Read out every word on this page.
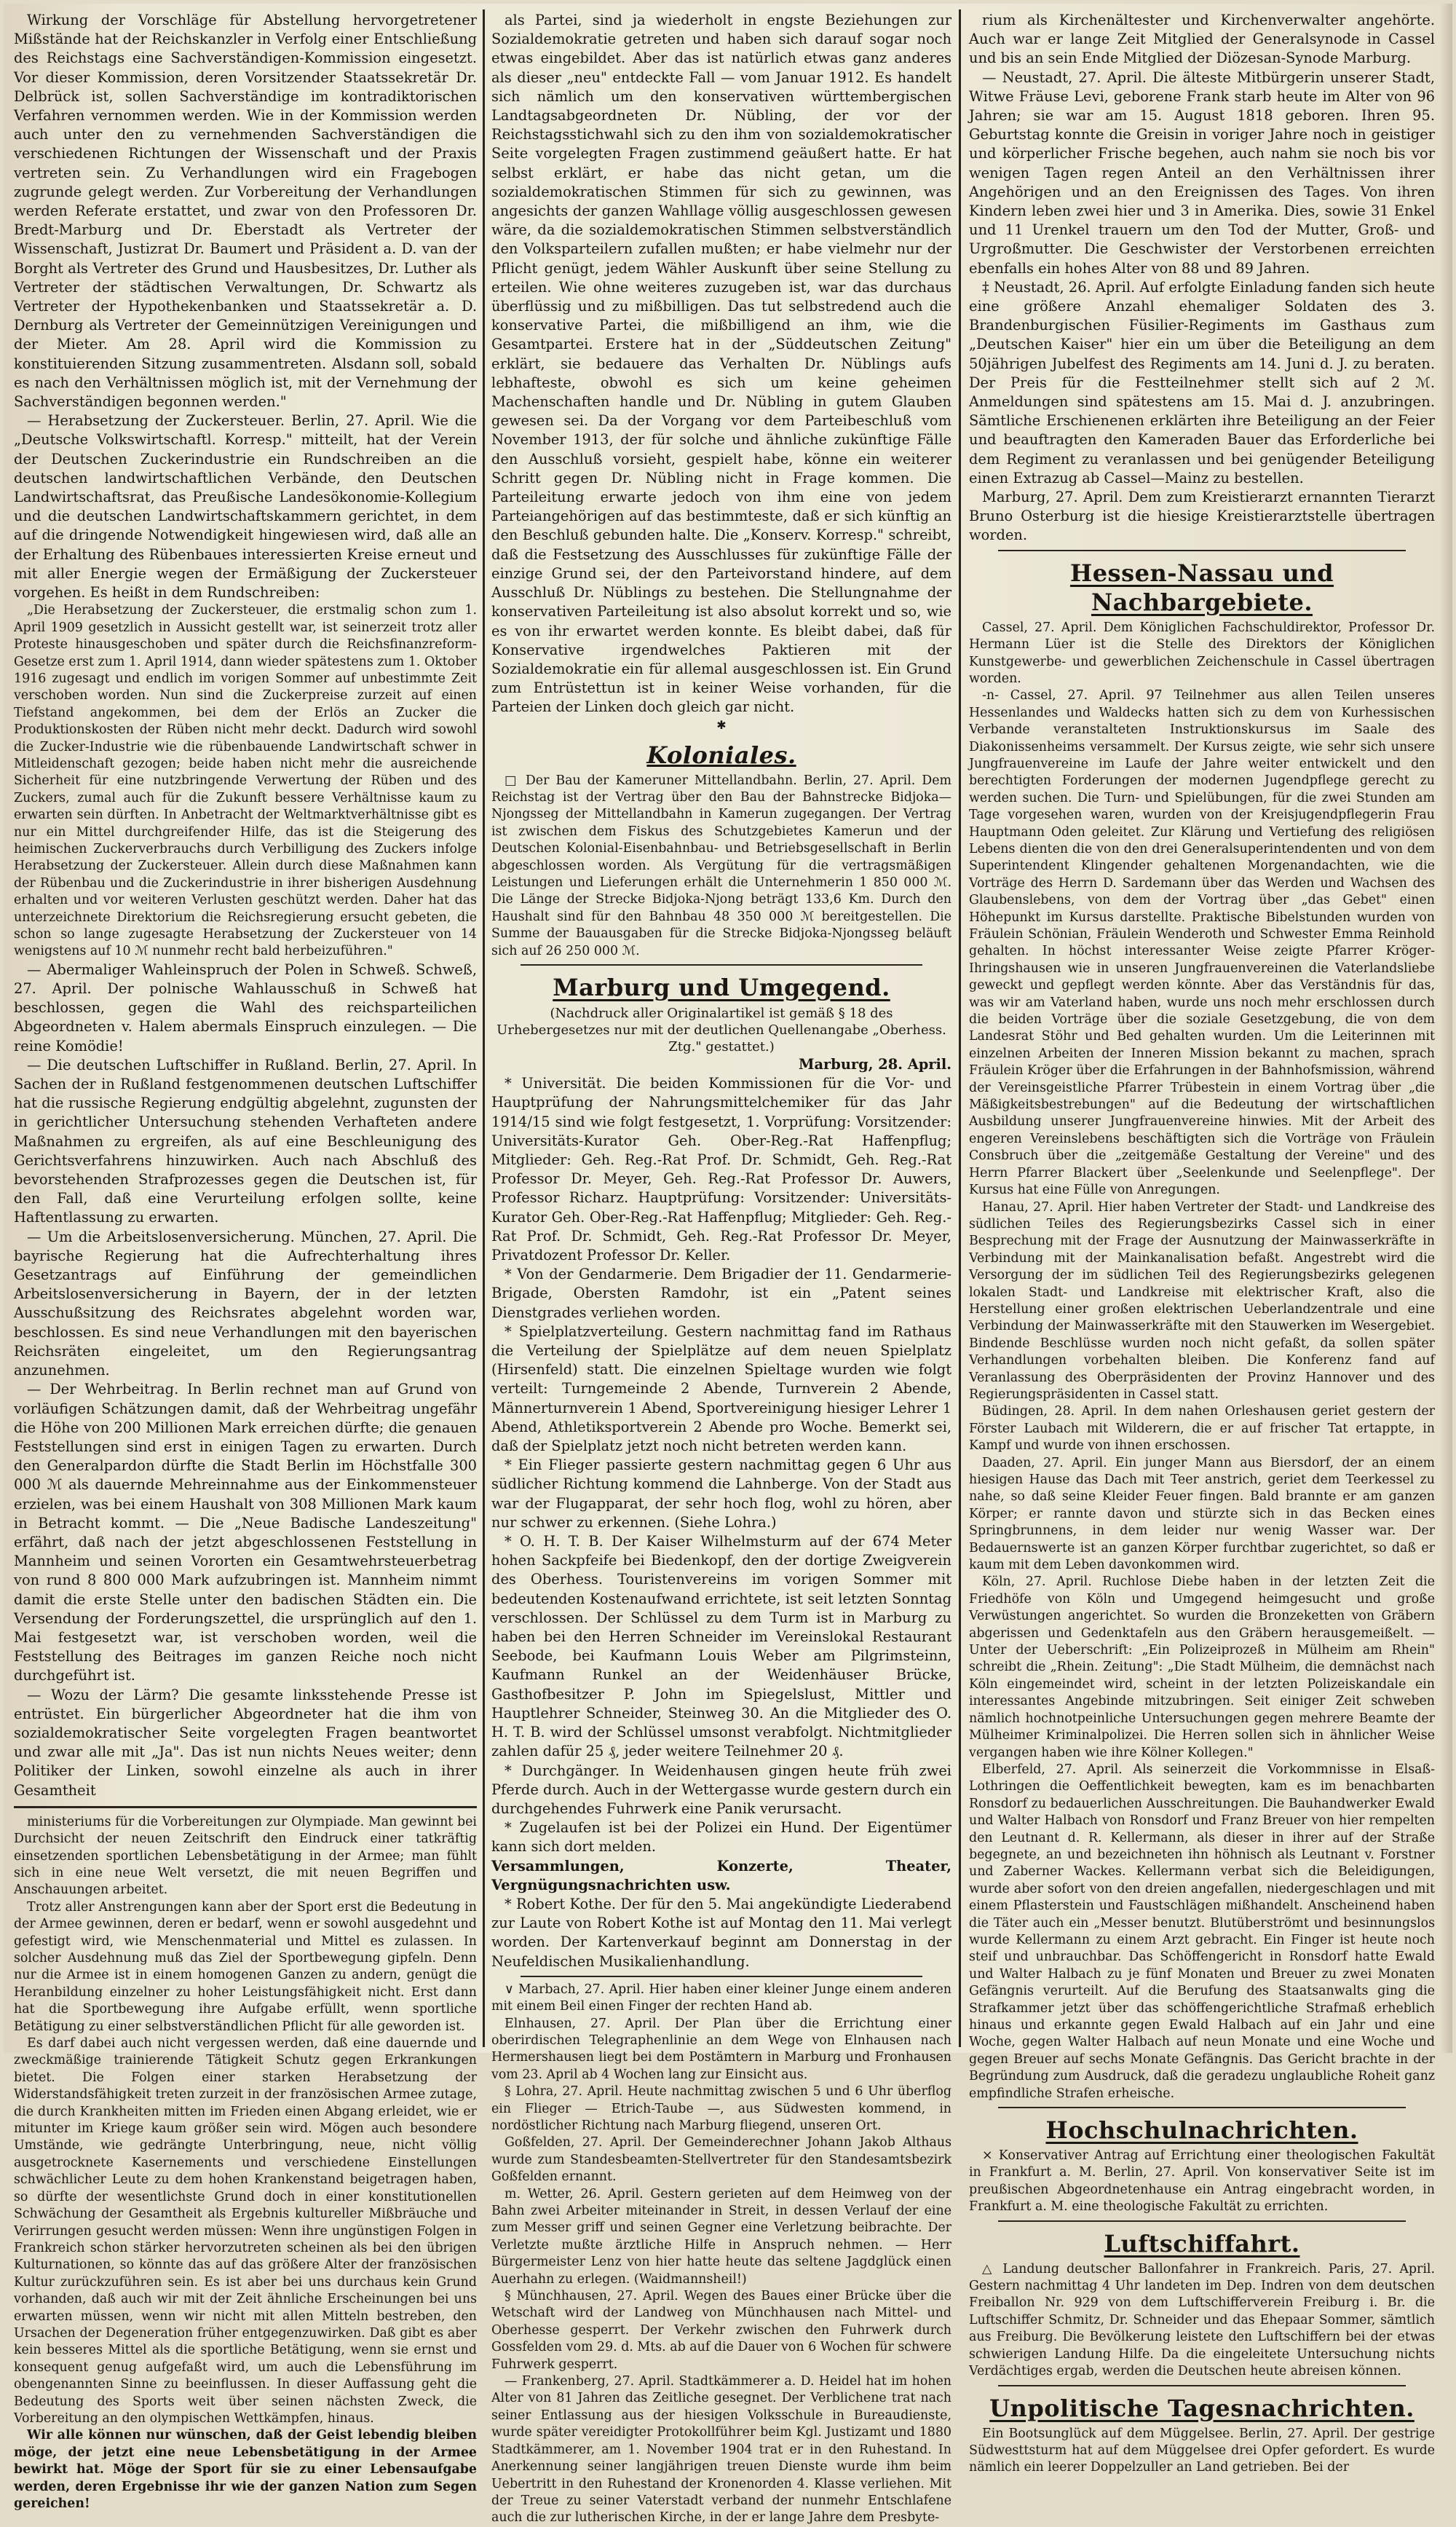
Wirkung der Vorschläge für Abstellung hervorgetretener Mißstände hat der Reichskanzler in Verfolg einer Entschließung des Reichstags eine Sachverständigen-Kommission eingesetzt. Vor dieser Kommission, deren Vorsitzender Staatssekretär Dr. Delbrück ist, sollen Sachverständige im kontradiktorischen Verfahren vernommen werden. Wie in der Kommission werden auch unter den zu vernehmenden Sachverständigen die verschiedenen Richtungen der Wissenschaft und der Praxis vertreten sein. Zu Verhandlungen wird ein Fragebogen zugrunde gelegt werden. Zur Vorbereitung der Verhandlungen werden Referate erstattet, und zwar von den Professoren Dr. Bredt-Marburg und Dr. Eberstadt als Vertreter der Wissenschaft, Justizrat Dr. Baumert und Präsident a. D. van der Borght als Vertreter des Grund und Hausbesitzes, Dr. Luther als Vertreter der städtischen Verwaltungen, Dr. Schwartz als Vertreter der Hypothekenbanken und Staatssekretär a. D. Dernburg als Vertreter der Gemeinnützigen Vereinigungen und der Mieter. Am 28. April wird die Kommission zu konstituierenden Sitzung zusammentreten. Alsdann soll, sobald es nach den Verhältnissen möglich ist, mit der Vernehmung der Sachverständigen begonnen werden."

— Herabsetzung der Zuckersteuer. Berlin, 27. April. Wie die „Deutsche Volkswirtschaftl. Korresp." mitteilt, hat der Verein der Deutschen Zuckerindustrie ein Rundschreiben an die deutschen landwirtschaftlichen Verbände, den Deutschen Landwirtschaftsrat, das Preußische Landesökonomie-Kollegium und die deutschen Landwirtschaftskammern gerichtet, in dem auf die dringende Notwendigkeit hingewiesen wird, daß alle an der Erhaltung des Rübenbaues interessierten Kreise erneut und mit aller Energie wegen der Ermäßigung der Zuckersteuer vorgehen. Es heißt in dem Rundschreiben:

„Die Herabsetzung der Zuckersteuer, die erstmalig schon zum 1. April 1909 gesetzlich in Aussicht gestellt war, ist seinerzeit trotz aller Proteste hinausgeschoben und später durch die Reichsfinanzreform-Gesetze erst zum 1. April 1914, dann wieder spätestens zum 1. Oktober 1916 zugesagt und endlich im vorigen Sommer auf unbestimmte Zeit verschoben worden. Nun sind die Zuckerpreise zurzeit auf einen Tiefstand angekommen, bei dem der Erlös an Zucker die Produktionskosten der Rüben nicht mehr deckt. Dadurch wird sowohl die Zucker-Industrie wie die rübenbauende Landwirtschaft schwer in Mitleidenschaft gezogen; beide haben nicht mehr die ausreichende Sicherheit für eine nutzbringende Verwertung der Rüben und des Zuckers, zumal auch für die Zukunft bessere Verhältnisse kaum zu erwarten sein dürften. In Anbetracht der Weltmarktverhältnisse gibt es nur ein Mittel durchgreifender Hilfe, das ist die Steigerung des heimischen Zuckerverbrauchs durch Verbilligung des Zuckers infolge Herabsetzung der Zuckersteuer. Allein durch diese Maßnahmen kann der Rübenbau und die Zuckerindustrie in ihrer bisherigen Ausdehnung erhalten und vor weiteren Verlusten geschützt werden. Daher hat das unterzeichnete Direktorium die Reichsregierung ersucht gebeten, die schon so lange zugesagte Herabsetzung der Zuckersteuer von 14 wenigstens auf 10 ℳ nunmehr recht bald herbeizuführen."

— Abermaliger Wahleinspruch der Polen in Schweß. Schweß, 27. April. Der polnische Wahlausschuß in Schweß hat beschlossen, gegen die Wahl des reichsparteilichen Abgeordneten v. Halem abermals Einspruch einzulegen. — Die reine Komödie!

— Die deutschen Luftschiffer in Rußland. Berlin, 27. April. In Sachen der in Rußland festgenommenen deutschen Luftschiffer hat die russische Regierung endgültig abgelehnt, zugunsten der in gerichtlicher Untersuchung stehenden Verhafteten andere Maßnahmen zu ergreifen, als auf eine Beschleunigung des Gerichtsverfahrens hinzuwirken. Auch nach Abschluß des bevorstehenden Strafprozesses gegen die Deutschen ist, für den Fall, daß eine Verurteilung erfolgen sollte, keine Haftentlassung zu erwarten.

— Um die Arbeitslosenversicherung. München, 27. April. Die bayrische Regierung hat die Aufrechterhaltung ihres Gesetzantrags auf Einführung der gemeindlichen Arbeitslosenversicherung in Bayern, der in der letzten Ausschußsitzung des Reichsrates abgelehnt worden war, beschlossen. Es sind neue Verhandlungen mit den bayerischen Reichsräten eingeleitet, um den Regierungsantrag anzunehmen.

— Der Wehrbeitrag. In Berlin rechnet man auf Grund von vorläufigen Schätzungen damit, daß der Wehrbeitrag ungefähr die Höhe von 200 Millionen Mark erreichen dürfte; die genauen Feststellungen sind erst in einigen Tagen zu erwarten. Durch den Generalpardon dürfte die Stadt Berlin im Höchstfalle 300 000 ℳ als dauernde Mehreinnahme aus der Einkommensteuer erzielen, was bei einem Haushalt von 308 Millionen Mark kaum in Betracht kommt. — Die „Neue Badische Landeszeitung" erfährt, daß nach der jetzt abgeschlossenen Feststellung in Mannheim und seinen Vororten ein Gesamtwehrsteuerbetrag von rund 8 800 000 Mark aufzubringen ist. Mannheim nimmt damit die erste Stelle unter den badischen Städten ein. Die Versendung der Forderungszettel, die ursprünglich auf den 1. Mai festgesetzt war, ist verschoben worden, weil die Feststellung des Beitrages im ganzen Reiche noch nicht durchgeführt ist.

— Wozu der Lärm? Die gesamte linksstehende Presse ist entrüstet. Ein bürgerlicher Abgeordneter hat die ihm von sozialdemokratischer Seite vorgelegten Fragen beantwortet und zwar alle mit „Ja". Das ist nun nichts Neues weiter; denn Politiker der Linken, sowohl einzelne als auch in ihrer Gesamtheit

ministeriums für die Vorbereitungen zur Olympiade. Man gewinnt bei Durchsicht der neuen Zeitschrift den Eindruck einer tatkräftig einsetzenden sportlichen Lebensbetätigung in der Armee; man fühlt sich in eine neue Welt versetzt, die mit neuen Begriffen und Anschauungen arbeitet.

Trotz aller Anstrengungen kann aber der Sport erst die Bedeutung in der Armee gewinnen, deren er bedarf, wenn er sowohl ausgedehnt und gefestigt wird, wie Menschenmaterial und Mittel es zulassen. In solcher Ausdehnung muß das Ziel der Sportbewegung gipfeln. Denn nur die Armee ist in einem homogenen Ganzen zu andern, genügt die Heranbildung einzelner zu hoher Leistungsfähigkeit nicht. Erst dann hat die Sportbewegung ihre Aufgabe erfüllt, wenn sportliche Betätigung zu einer selbstverständlichen Pflicht für alle geworden ist.

Es darf dabei auch nicht vergessen werden, daß eine dauernde und zweckmäßige trainierende Tätigkeit Schutz gegen Erkrankungen bietet. Die Folgen einer starken Herabsetzung der Widerstandsfähigkeit treten zurzeit in der französischen Armee zutage, die durch Krankheiten mitten im Frieden einen Abgang erleidet, wie er mitunter im Kriege kaum größer sein wird. Mögen auch besondere Umstände, wie gedrängte Unterbringung, neue, nicht völlig ausgetrocknete Kasernements und verschiedene Einstellungen schwächlicher Leute zu dem hohen Krankenstand beigetragen haben, so dürfte der wesentlichste Grund doch in einer konstitutionellen Schwächung der Gesamtheit als Ergebnis kultureller Mißbräuche und Verirrungen gesucht werden müssen: Wenn ihre ungünstigen Folgen in Frankreich schon stärker hervorzutreten scheinen als bei den übrigen Kulturnationen, so könnte das auf das größere Alter der französischen Kultur zurückzuführen sein. Es ist aber bei uns durchaus kein Grund vorhanden, daß auch wir mit der Zeit ähnliche Erscheinungen bei uns erwarten müssen, wenn wir nicht mit allen Mitteln bestreben, den Ursachen der Degeneration früher entgegenzuwirken. Daß gibt es aber kein besseres Mittel als die sportliche Betätigung, wenn sie ernst und konsequent genug aufgefaßt wird, um auch die Lebensführung im obengenannten Sinne zu beeinflussen. In dieser Auffassung geht die Bedeutung des Sports weit über seinen nächsten Zweck, die Vorbereitung an den olympischen Wettkämpfen, hinaus.

Wir alle können nur wünschen, daß der Geist lebendig bleiben möge, der jetzt eine neue Lebensbetätigung in der Armee bewirkt hat. Möge der Sport für sie zu einer Lebensaufgabe werden, deren Ergebnisse ihr wie der ganzen Nation zum Segen gereichen!

als Partei, sind ja wiederholt in engste Beziehungen zur Sozialdemokratie getreten und haben sich darauf sogar noch etwas eingebildet. Aber das ist natürlich etwas ganz anderes als dieser „neu" entdeckte Fall — vom Januar 1912. Es handelt sich nämlich um den konservativen württembergischen Landtagsabgeordneten Dr. Nübling, der vor der Reichstagsstichwahl sich zu den ihm von sozialdemokratischer Seite vorgelegten Fragen zustimmend geäußert hatte. Er hat selbst erklärt, er habe das nicht getan, um die sozialdemokratischen Stimmen für sich zu gewinnen, was angesichts der ganzen Wahllage völlig ausgeschlossen gewesen wäre, da die sozialdemokratischen Stimmen selbstverständlich den Volksparteilern zufallen mußten; er habe vielmehr nur der Pflicht genügt, jedem Wähler Auskunft über seine Stellung zu erteilen. Wie ohne weiteres zuzugeben ist, war das durchaus überflüssig und zu mißbilligen. Das tut selbstredend auch die konservative Partei, die mißbilligend an ihm, wie die Gesamtpartei. Erstere hat in der „Süddeutschen Zeitung" erklärt, sie bedauere das Verhalten Dr. Nüblings aufs lebhafteste, obwohl es sich um keine geheimen Machenschaften handle und Dr. Nübling in gutem Glauben gewesen sei. Da der Vorgang vor dem Parteibeschluß vom November 1913, der für solche und ähnliche zukünftige Fälle den Ausschluß vorsieht, gespielt habe, könne ein weiterer Schritt gegen Dr. Nübling nicht in Frage kommen. Die Parteileitung erwarte jedoch von ihm eine von jedem Parteiangehörigen auf das bestimmteste, daß er sich künftig an den Beschluß gebunden halte. Die „Konserv. Korresp." schreibt, daß die Festsetzung des Ausschlusses für zukünftige Fälle der einzige Grund sei, der den Parteivorstand hindere, auf dem Ausschluß Dr. Nüblings zu bestehen. Die Stellungnahme der konservativen Parteileitung ist also absolut korrekt und so, wie es von ihr erwartet werden konnte. Es bleibt dabei, daß für Konservative irgendwelches Paktieren mit der Sozialdemokratie ein für allemal ausgeschlossen ist. Ein Grund zum Entrüstettun ist in keiner Weise vorhanden, für die Parteien der Linken doch gleich gar nicht.

✱
Koloniales.

□ Der Bau der Kameruner Mittellandbahn. Berlin, 27. April. Dem Reichstag ist der Vertrag über den Bau der Bahnstrecke Bidjoka—Njongsseg der Mittellandbahn in Kamerun zugegangen. Der Vertrag ist zwischen dem Fiskus des Schutzgebietes Kamerun und der Deutschen Kolonial-Eisenbahnbau- und Betriebsgesellschaft in Berlin abgeschlossen worden. Als Vergütung für die vertragsmäßigen Leistungen und Lieferungen erhält die Unternehmerin 1 850 000 ℳ. Die Länge der Strecke Bidjoka-Njong beträgt 133,6 Km. Durch den Haushalt sind für den Bahnbau 48 350 000 ℳ bereitgestellen. Die Summe der Bauausgaben für die Strecke Bidjoka-Njongsseg beläuft sich auf 26 250 000 ℳ.

Marburg und Umgegend.

(Nachdruck aller Originalartikel ist gemäß § 18 des Urhebergesetzes nur mit der deutlichen Quellenangabe „Oberhess. Ztg." gestattet.)

Marburg, 28. April.

* Universität. Die beiden Kommissionen für die Vor- und Hauptprüfung der Nahrungsmittelchemiker für das Jahr 1914/15 sind wie folgt festgesetzt, 1. Vorprüfung: Vorsitzender: Universitäts-Kurator Geh. Ober-Reg.-Rat Haffenpflug; Mitglieder: Geh. Reg.-Rat Prof. Dr. Schmidt, Geh. Reg.-Rat Professor Dr. Meyer, Geh. Reg.-Rat Professor Dr. Auwers, Professor Richarz. Hauptprüfung: Vorsitzender: Universitäts-Kurator Geh. Ober-Reg.-Rat Haffenpflug; Mitglieder: Geh. Reg.-Rat Prof. Dr. Schmidt, Geh. Reg.-Rat Professor Dr. Meyer, Privatdozent Professor Dr. Keller.

* Von der Gendarmerie. Dem Brigadier der 11. Gendarmerie-Brigade, Obersten Ramdohr, ist ein „Patent seines Dienstgrades verliehen worden.

* Spielplatzverteilung. Gestern nachmittag fand im Rathaus die Verteilung der Spielplätze auf dem neuen Spielplatz (Hirsenfeld) statt. Die einzelnen Spieltage wurden wie folgt verteilt: Turngemeinde 2 Abende, Turnverein 2 Abende, Männerturnverein 1 Abend, Sportvereinigung hiesiger Lehrer 1 Abend, Athletiksportverein 2 Abende pro Woche. Bemerkt sei, daß der Spielplatz jetzt noch nicht betreten werden kann.

* Ein Flieger passierte gestern nachmittag gegen 6 Uhr aus südlicher Richtung kommend die Lahnberge. Von der Stadt aus war der Flugapparat, der sehr hoch flog, wohl zu hören, aber nur schwer zu erkennen. (Siehe Lohra.)

* O. H. T. B. Der Kaiser Wilhelmsturm auf der 674 Meter hohen Sackpfeife bei Biedenkopf, den der dortige Zweigverein des Oberhess. Touristenvereins im vorigen Sommer mit bedeutenden Kostenaufwand errichtete, ist seit letzten Sonntag verschlossen. Der Schlüssel zu dem Turm ist in Marburg zu haben bei den Herren Schneider im Vereinslokal Restaurant Seebode, bei Kaufmann Louis Weber am Pilgrimsteinn, Kaufmann Runkel an der Weidenhäuser Brücke, Gasthofbesitzer P. John im Spiegelslust, Mittler und Hauptlehrer Schneider, Steinweg 30. An die Mitglieder des O. H. T. B. wird der Schlüssel umsonst verabfolgt. Nichtmitglieder zahlen dafür 25 ₰, jeder weitere Teilnehmer 20 ₰.

* Durchgänger. In Weidenhausen gingen heute früh zwei Pferde durch. Auch in der Wettergasse wurde gestern durch ein durchgehendes Fuhrwerk eine Panik verursacht.

* Zugelaufen ist bei der Polizei ein Hund. Der Eigentümer kann sich dort melden.

Versammlungen, Konzerte, Theater, Vergnügungsnachrichten usw.

* Robert Kothe. Der für den 5. Mai angekündigte Liederabend zur Laute von Robert Kothe ist auf Montag den 11. Mai verlegt worden. Der Kartenverkauf beginnt am Donnerstag in der Neufeldischen Musikalienhandlung.

∨ Marbach, 27. April. Hier haben einer kleiner Junge einem anderen mit einem Beil einen Finger der rechten Hand ab.

Elnhausen, 27. April. Der Plan über die Errichtung einer oberirdischen Telegraphenlinie an dem Wege von Elnhausen nach Hermershausen liegt bei dem Postämtern in Marburg und Fronhausen vom 23. April ab 4 Wochen lang zur Einsicht aus.

§ Lohra, 27. April. Heute nachmittag zwischen 5 und 6 Uhr überflog ein Flieger — Etrich-Taube —, aus Südwesten kommend, in nordöstlicher Richtung nach Marburg fliegend, unseren Ort.

Goßfelden, 27. April. Der Gemeinderechner Johann Jakob Althaus wurde zum Standesbeamten-Stellvertreter für den Standesamtsbezirk Goßfelden ernannt.

m. Wetter, 26. April. Gestern gerieten auf dem Heimweg von der Bahn zwei Arbeiter miteinander in Streit, in dessen Verlauf der eine zum Messer griff und seinen Gegner eine Verletzung beibrachte. Der Verletzte mußte ärztliche Hilfe in Anspruch nehmen. — Herr Bürgermeister Lenz von hier hatte heute das seltene Jagdglück einen Auerhahn zu erlegen. (Waidmannsheil!)

§ Münchhausen, 27. April. Wegen des Baues einer Brücke über die Wetschaft wird der Landweg von Münchhausen nach Mittel- und Oberhesse gesperrt. Der Verkehr zwischen den Fuhrwerk durch Gossfelden vom 29. d. Mts. ab auf die Dauer von 6 Wochen für schwere Fuhrwerk gesperrt.

— Frankenberg, 27. April. Stadtkämmerer a. D. Heidel hat im hohen Alter von 81 Jahren das Zeitliche gesegnet. Der Verblichene trat nach seiner Entlassung aus der hiesigen Volksschule in Bureaudienste, wurde später vereidigter Protokollführer beim Kgl. Justizamt und 1880 Stadtkämmerer, am 1. November 1904 trat er in den Ruhestand. In Anerkennung seiner langjährigen treuen Dienste wurde ihm beim Uebertritt in den Ruhestand der Kronenorden 4. Klasse verliehen. Mit der Treue zu seiner Vaterstadt verband der nunmehr Entschlafene auch die zur lutherischen Kirche, in der er lange Jahre dem Presbyte-

rium als Kirchenältester und Kirchenverwalter angehörte. Auch war er lange Zeit Mitglied der Generalsynode in Cassel und bis an sein Ende Mitglied der Diözesan-Synode Marburg.

— Neustadt, 27. April. Die älteste Mitbürgerin unserer Stadt, Witwe Fräuse Levi, geborene Frank starb heute im Alter von 96 Jahren; sie war am 15. August 1818 geboren. Ihren 95. Geburtstag konnte die Greisin in voriger Jahre noch in geistiger und körperlicher Frische begehen, auch nahm sie noch bis vor wenigen Tagen regen Anteil an den Verhältnissen ihrer Angehörigen und an den Ereignissen des Tages. Von ihren Kindern leben zwei hier und 3 in Amerika. Dies, sowie 31 Enkel und 11 Urenkel trauern um den Tod der Mutter, Groß- und Urgroßmutter. Die Geschwister der Verstorbenen erreichten ebenfalls ein hohes Alter von 88 und 89 Jahren.

‡ Neustadt, 26. April. Auf erfolgte Einladung fanden sich heute eine größere Anzahl ehemaliger Soldaten des 3. Brandenburgischen Füsilier-Regiments im Gasthaus zum „Deutschen Kaiser" hier ein um über die Beteiligung an dem 50jährigen Jubelfest des Regiments am 14. Juni d. J. zu beraten. Der Preis für die Festteilnehmer stellt sich auf 2 ℳ. Anmeldungen sind spätestens am 15. Mai d. J. anzubringen. Sämtliche Erschienenen erklärten ihre Beteiligung an der Feier und beauftragten den Kameraden Bauer das Erforderliche bei dem Regiment zu veranlassen und bei genügender Beteiligung einen Extrazug ab Cassel—Mainz zu bestellen.

Marburg, 27. April. Dem zum Kreistierarzt ernannten Tierarzt Bruno Osterburg ist die hiesige Kreistierarztstelle übertragen worden.

Hessen-Nassau und Nachbargebiete.

Cassel, 27. April. Dem Königlichen Fachschuldirektor, Professor Dr. Hermann Lüer ist die Stelle des Direktors der Königlichen Kunstgewerbe- und gewerblichen Zeichenschule in Cassel übertragen worden.

-n- Cassel, 27. April. 97 Teilnehmer aus allen Teilen unseres Hessenlandes und Waldecks hatten sich zu dem von Kurhessischen Verbande veranstalteten Instruktionskursus im Saale des Diakonissenheims versammelt. Der Kursus zeigte, wie sehr sich unsere Jungfrauenvereine im Laufe der Jahre weiter entwickelt und den berechtigten Forderungen der modernen Jugendpflege gerecht zu werden suchen. Die Turn- und Spielübungen, für die zwei Stunden am Tage vorgesehen waren, wurden von der Kreisjugendpflegerin Frau Hauptmann Oden geleitet. Zur Klärung und Vertiefung des religiösen Lebens dienten die von den drei Generalsuperintendenten und von dem Superintendent Klingender gehaltenen Morgenandachten, wie die Vorträge des Herrn D. Sardemann über das Werden und Wachsen des Glaubenslebens, von dem der Vortrag über „das Gebet" einen Höhepunkt im Kursus darstellte. Praktische Bibelstunden wurden von Fräulein Schönian, Fräulein Wenderoth und Schwester Emma Reinhold gehalten. In höchst interessanter Weise zeigte Pfarrer Kröger-Ihringshausen wie in unseren Jungfrauenvereinen die Vaterlandsliebe geweckt und gepflegt werden könnte. Aber das Verständnis für das, was wir am Vaterland haben, wurde uns noch mehr erschlossen durch die beiden Vorträge über die soziale Gesetzgebung, die von dem Landesrat Stöhr und Bed gehalten wurden. Um die Leiterinnen mit einzelnen Arbeiten der Inneren Mission bekannt zu machen, sprach Fräulein Kröger über die Erfahrungen in der Bahnhofsmission, während der Vereinsgeistliche Pfarrer Trübestein in einem Vortrag über „die Mäßigkeitsbestrebungen" auf die Bedeutung der wirtschaftlichen Ausbildung unserer Jungfrauenvereine hinwies. Mit der Arbeit des engeren Vereinslebens beschäftigten sich die Vorträge von Fräulein Consbruch über die „zeitgemäße Gestaltung der Vereine" und des Herrn Pfarrer Blackert über „Seelenkunde und Seelenpflege". Der Kursus hat eine Fülle von Anregungen.

Hanau, 27. April. Hier haben Vertreter der Stadt- und Landkreise des südlichen Teiles des Regierungsbezirks Cassel sich in einer Besprechung mit der Frage der Ausnutzung der Mainwasserkräfte in Verbindung mit der Mainkanalisation befaßt. Angestrebt wird die Versorgung der im südlichen Teil des Regierungsbezirks gelegenen lokalen Stadt- und Landkreise mit elektrischer Kraft, also die Herstellung einer großen elektrischen Ueberlandzentrale und eine Verbindung der Mainwasserkräfte mit den Stauwerken im Wesergebiet. Bindende Beschlüsse wurden noch nicht gefaßt, da sollen später Verhandlungen vorbehalten bleiben. Die Konferenz fand auf Veranlassung des Oberpräsidenten der Provinz Hannover und des Regierungspräsidenten in Cassel statt.

Büdingen, 28. April. In dem nahen Orleshausen geriet gestern der Förster Laubach mit Wilderern, die er auf frischer Tat ertappte, in Kampf und wurde von ihnen erschossen.

Daaden, 27. April. Ein junger Mann aus Biersdorf, der an einem hiesigen Hause das Dach mit Teer anstrich, geriet dem Teerkessel zu nahe, so daß seine Kleider Feuer fingen. Bald brannte er am ganzen Körper; er rannte davon und stürzte sich in das Becken eines Springbrunnens, in dem leider nur wenig Wasser war. Der Bedauernswerte ist an ganzen Körper furchtbar zugerichtet, so daß er kaum mit dem Leben davonkommen wird.

Köln, 27. April. Ruchlose Diebe haben in der letzten Zeit die Friedhöfe von Köln und Umgegend heimgesucht und große Verwüstungen angerichtet. So wurden die Bronzeketten von Gräbern abgerissen und Gedenktafeln aus den Gräbern herausgemeißelt. — Unter der Ueberschrift: „Ein Polizeiprozeß in Mülheim am Rhein" schreibt die „Rhein. Zeitung": „Die Stadt Mülheim, die demnächst nach Köln eingemeindet wird, scheint in der letzten Polizeiskandale ein interessantes Angebinde mitzubringen. Seit einiger Zeit schweben nämlich hochnotpeinliche Untersuchungen gegen mehrere Beamte der Mülheimer Kriminalpolizei. Die Herren sollen sich in ähnlicher Weise vergangen haben wie ihre Kölner Kollegen."

Elberfeld, 27. April. Als seinerzeit die Vorkommnisse in Elsaß-Lothringen die Oeffentlichkeit bewegten, kam es im benachbarten Ronsdorf zu bedauerlichen Ausschreitungen. Die Bauhandwerker Ewald und Walter Halbach von Ronsdorf und Franz Breuer von hier rempelten den Leutnant d. R. Kellermann, als dieser in ihrer auf der Straße begegnete, an und bezeichneten ihn höhnisch als Leutnant v. Forstner und Zaberner Wackes. Kellermann verbat sich die Beleidigungen, wurde aber sofort von den dreien angefallen, niedergeschlagen und mit einem Pflasterstein und Faustschlägen mißhandelt. Anscheinend haben die Täter auch ein „Messer benutzt. Blutüberströmt und besinnungslos wurde Kellermann zu einem Arzt gebracht. Ein Finger ist heute noch steif und unbrauchbar. Das Schöffengericht in Ronsdorf hatte Ewald und Walter Halbach zu je fünf Monaten und Breuer zu zwei Monaten Gefängnis verurteilt. Auf die Berufung des Staatsanwalts ging die Strafkammer jetzt über das schöffengerichtliche Strafmaß erheblich hinaus und erkannte gegen Ewald Halbach auf ein Jahr und eine Woche, gegen Walter Halbach auf neun Monate und eine Woche und gegen Breuer auf sechs Monate Gefängnis. Das Gericht brachte in der Begründung zum Ausdruck, daß die geradezu unglaubliche Roheit ganz empfindliche Strafen erheische.

Hochschulnachrichten.

× Konservativer Antrag auf Errichtung einer theologischen Fakultät in Frankfurt a. M. Berlin, 27. April. Von konservativer Seite ist im preußischen Abgeordnetenhause ein Antrag eingebracht worden, in Frankfurt a. M. eine theologische Fakultät zu errichten.

Luftschiffahrt.

△ Landung deutscher Ballonfahrer in Frankreich. Paris, 27. April. Gestern nachmittag 4 Uhr landeten im Dep. Indren von dem deutschen Freiballon Nr. 929 von dem Luftschifferverein Freiburg i. Br. die Luftschiffer Schmitz, Dr. Schneider und das Ehepaar Sommer, sämtlich aus Freiburg. Die Bevölkerung leistete den Luftschiffern bei der etwas schwierigen Landung Hilfe. Da die eingeleitete Untersuchung nichts Verdächtiges ergab, werden die Deutschen heute abreisen können.

Unpolitische Tagesnachrichten.

Ein Bootsunglück auf dem Müggelsee. Berlin, 27. April. Der gestrige Südwesttsturm hat auf dem Müggelsee drei Opfer gefordert. Es wurde nämlich ein leerer Doppelzuller an Land getrieben. Bei der
